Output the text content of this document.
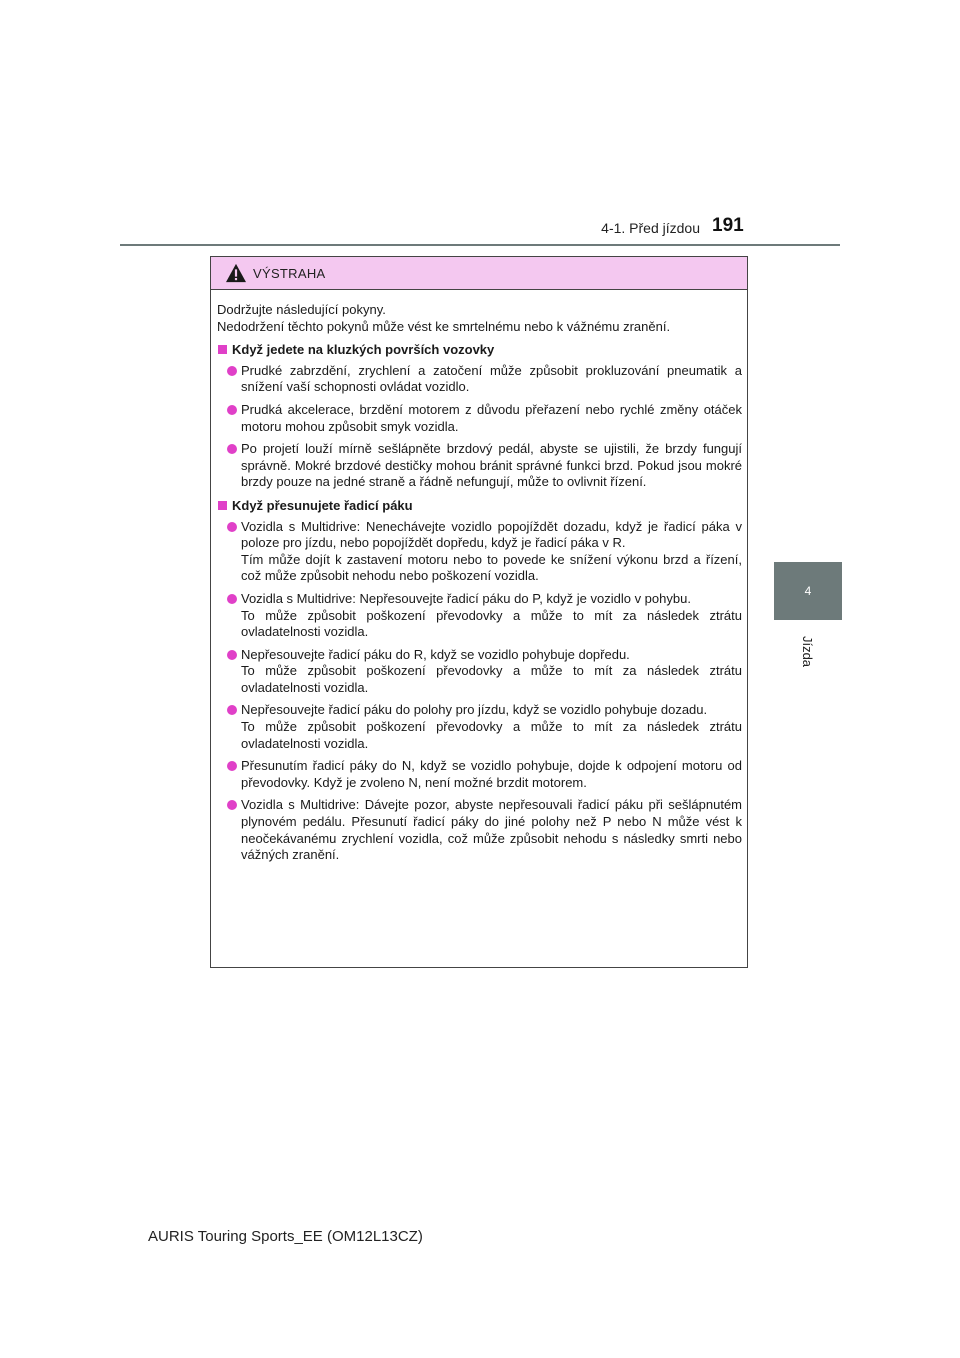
4-1. Před jízdou 191
4
Jízda
VÝSTRAHA

Dodržujte následující pokyny.

Nedodržení těchto pokynů může vést ke smrtelnému nebo k vážnému zranění.

Když jedete na kluzkých površích vozovky
Prudké zabrzdění, zrychlení a zatočení může způsobit prokluzování pneumatik a snížení vaší schopnosti ovládat vozidlo.
Prudká akcelerace, brzdění motorem z důvodu přeřazení nebo rychlé změny otáček motoru mohou způsobit smyk vozidla.
Po projetí louží mírně sešlápněte brzdový pedál, abyste se ujistili, že brzdy fungují správně. Mokré brzdové destičky mohou bránit správné funkci brzd. Pokud jsou mokré brzdy pouze na jedné straně a řádně nefungují, může to ovlivnit řízení.
Když přesunujete řadicí páku
Vozidla s Multidrive: Nenechávejte vozidlo popojíždět dozadu, když je řadicí páka v poloze pro jízdu, nebo popojíždět dopředu, když je řadicí páka v R.
Tím může dojít k zastavení motoru nebo to povede ke snížení výkonu brzd a řízení, což může způsobit nehodu nebo poškození vozidla.
Vozidla s Multidrive: Nepřesouvejte řadicí páku do P, když je vozidlo v pohybu.
To může způsobit poškození převodovky a může to mít za následek ztrátu ovladatelnosti vozidla.
Nepřesouvejte řadicí páku do R, když se vozidlo pohybuje dopředu.
To může způsobit poškození převodovky a může to mít za následek ztrátu ovladatelnosti vozidla.
Nepřesouvejte řadicí páku do polohy pro jízdu, když se vozidlo pohybuje dozadu.
To může způsobit poškození převodovky a může to mít za následek ztrátu ovladatelnosti vozidla.
Přesunutím řadicí páky do N, když se vozidlo pohybuje, dojde k odpojení motoru od převodovky. Když je zvoleno N, není možné brzdit motorem.
Vozidla s Multidrive: Dávejte pozor, abyste nepřesouvali řadicí páku při sešlápnutém plynovém pedálu. Přesunutí řadicí páky do jiné polohy než P nebo N může vést k neočekávanému zrychlení vozidla, což může způsobit nehodu s následky smrti nebo vážných zranění.
AURIS Touring Sports_EE (OM12L13CZ)
